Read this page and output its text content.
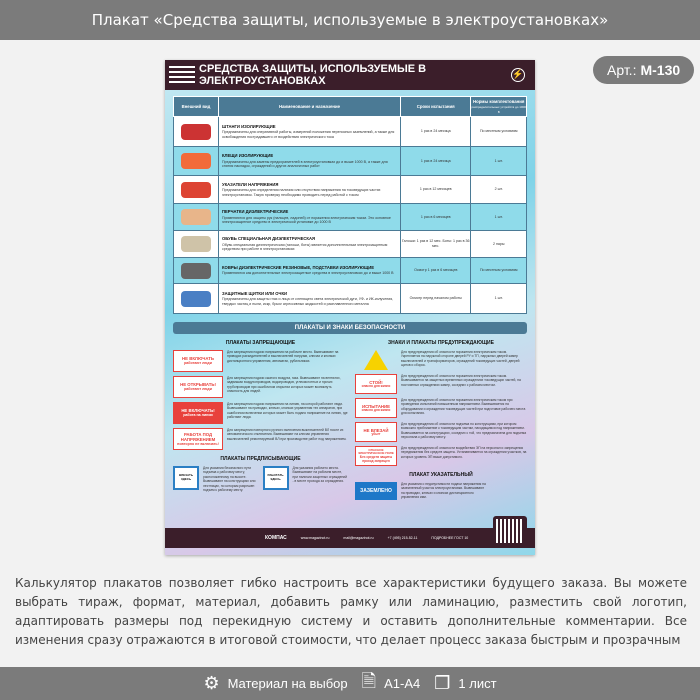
Плакат «Средства защиты, используемые в электроустановках»
Арт.: М-130
СРЕДСТВА ЗАЩИТЫ, ИСПОЛЬЗУЕМЫЕ В ЭЛЕКТРОУСТАНОВКАХ
⚡
Внешний вид	Наименование и назначение	Сроки испытания	Нормы комплектования
распределительных устройств до 1000 В

	ШТАНГИ ИЗОЛИРУЮЩИЕ
Предназначены для оперативной работы, измерений положения переносных заземлений, а также для освобождения пострадавшего от воздействия электрического тока	1 раз в 24 месяца	По местным условиям

	КЛЕЩИ ИЗОЛИРУЮЩИЕ
Предназначены для замены предохранителей в электроустановках до и выше 1000 В, а также для снятия накладок, ограждений и других аналогичных работ	1 раз в 24 месяца	1 шт.

	УКАЗАТЕЛИ НАПРЯЖЕНИЯ
Предназначены для определения наличия или отсутствия напряжения на токоведущих частях электроустановок. Такую проверку необходимо проводить перед работой с током	1 раз в 12 месяцев	2 шт.

	ПЕРЧАТКИ ДИЭЛЕКТРИЧЕСКИЕ
Применяются для защиты рук (пальцев, ладоней) от поражения электрическим током. Это основное электрозащитное средство в электрической установке до 1000 В	1 раз в 6 месяцев	1 шт.

	ОБУВЬ СПЕЦИАЛЬНАЯ ДИЭЛЕКТРИЧЕСКАЯ
Обувь специальная диэлектрическая (галоши, боты) является дополнительным электрозащитным средством при работе в электроустановках	Галоши: 1 раз в 12 мес. Боты: 1 раз в 36 мес.	2 пары

	КОВРЫ ДИЭЛЕКТРИЧЕСКИЕ РЕЗИНОВЫЕ, ПОДСТАВКИ ИЗОЛИРУЮЩИЕ
Применяются как дополнительные электрозащитные средства в электроустановках до и выше 1000 В	Осмотр 1 раз в 6 месяцев	По местным условиям

	ЗАЩИТНЫЕ ЩИТКИ ИЛИ ОЧКИ
Предназначены для защиты глаз и лица от слепящего света электрической дуги, УФ- и ИК-излучения, твердых частиц и пыли, искр, брызг агрессивных жидкостей и расплавленного металла	Осмотр перед началом работы	1 шт.
ПЛАКАТЫ И ЗНАКИ БЕЗОПАСНОСТИ
ПЛАКАТЫ ЗАПРЕЩАЮЩИЕ
НЕ ВКЛЮЧАТЬ
работают люди
Для запрещения подачи напряжения на рабочее место. Вывешивают на приводах разъединителей и выключателей нагрузки, ключах и кнопках дистанционного управления, автоматах, рубильниках.
НЕ ОТКРЫВАТЬ!
работают люди
Для запрещения подачи сжатого воздуха, газа. Вывешивают на вентилях, задвижках воздухопроводов, водопроводов, углекислотных и прочих трубопроводов при ошибочном открытии которых может возникнуть опасность для людей.
НЕ ВКЛЮЧАТЬ!
работа на линии
Для запрещения подачи напряжения на линию, на которой работают люди. Вывешивают на приводах, ключах, кнопках управления тех аппаратов, при ошибочном включении которых может быть подано напряжение на линию, где работают люди.
РАБОТА ПОД НАПРЯЖЕНИЕМ
повторно не включать!
Для запрещения повторного ручного включения выключателей ВЛ после их автоматического отключения. Вывешивают на ключах управления выключателей ремонтируемой ВЛ при производстве работ под напряжением.
ПЛАКАТЫ ПРЕДПИСЫВАЮЩИЕ
ВЛЕЗАТЬ ЗДЕСЬ
Для указания безопасного пути подъема к рабочему месту, расположенному на высоте. Вывешивают на конструкциях или лестницах, по которым разрешен подъем к рабочему месту.
РАБОТАТЬ ЗДЕСЬ
Для указания рабочего места. Вывешивают на рабочем месте, при наличии защитных ограждений - в месте прохода за ограждения.
ЗНАКИ И ПЛАКАТЫ ПРЕДУПРЕЖДАЮЩИЕ
Для предупреждения об опасности поражения электрическим током. Укрепляется на наружной стороне дверей РУ и ТП, наружных дверей камер выключателей и трансформаторов, ограждений токоведущих частей, дверей щитов и сборок.
СТОЙ!
опасно для жизни
Для предупреждения об опасности поражения электрическим током. Вывешивается на защитных временных ограждениях токоведущих частей, на постоянных ограждениях камер, соседних с рабочим местом.
ИСПЫТАНИЕ
опасно для жизни
Для предупреждения об опасности поражения электрическим током при проведении испытаний повышенным напряжением. Вывешивается на оборудовании и ограждении токоведущих частей при подготовке рабочего места для испытания.
НЕ ВЛЕЗАЙ
убьет
Для предупреждения об опасности подъема по конструкциям, при котором возможно приближение к токоведущим частям, находящимся под напряжением. Вывешивается на конструкциях, соседних с той, что предназначена для подъема персонала к рабочему месту.
ОПАСНОЕ ЭЛЕКТРИЧЕСКОЕ ПОЛЕ
Без средств защиты проход запрещен
Для предупреждения об опасности воздействия ЭП на персонал и запрещения передвижения без средств защиты. Устанавливается на ограждении участков, на которых уровень ЭП выше допустимого.
ПЛАКАТ УКАЗАТЕЛЬНЫЙ
ЗАЗЕМЛЕНО
Для указания о недопустимости подачи напряжения на заземленный участок электроустановки. Вывешивают на приводах, ключах и кнопках дистанционного управления ими.
КОМПАС	www.magazinot.ru	mail@magazinot.ru	+7 (495) 215-52-11	ПОДРОБНЕЕ ГОСТ 10

Калькулятор плакатов позволяет гибко настроить все характеристики будущего заказа. Вы можете выбрать тираж, формат, материал, добавить рамку или ламинацию, разместить свой логотип, адаптировать размеры под перекидную систему и оставить дополнительные комментарии. Все изменения сразу отражаются в итоговой стоимости, что делает процесс заказа быстрым и прозрачным

⚙ Материал на выбор 🗎 А1-А4 ❐ 1 лист
